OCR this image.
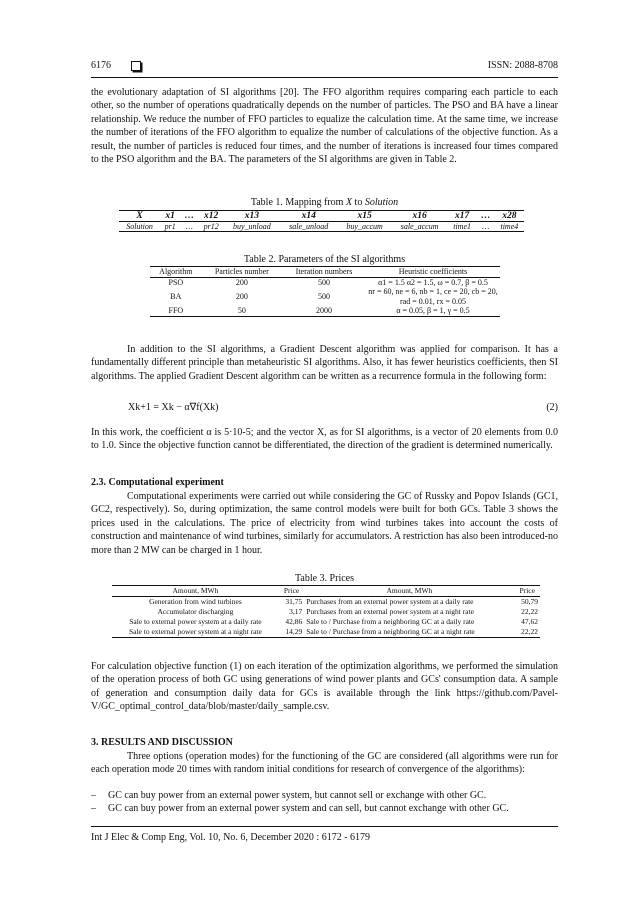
6176	ISSN: 2088-8708
the evolutionary adaptation of SI algorithms [20]. The FFO algorithm requires comparing each particle to each other, so the number of operations quadratically depends on the number of particles. The PSO and BA have a linear relationship. We reduce the number of FFO particles to equalize the calculation time. At the same time, we increase the number of iterations of the FFO algorithm to equalize the number of calculations of the objective function. As a result, the number of particles is reduced four times, and the number of iterations is increased four times compared to the PSO algorithm and the BA. The parameters of the SI algorithms are given in Table 2.
Table 1. Mapping from X to Solution
X	x1	…	x12	x13	x14	x15	x16	x17	…	x28
Solution	pr1	…	pr12	buy_unload	sale_unload	buy_accum	sale_accum	time1	…	time4
Table 2. Parameters of the SI algorithms
Algorithm	Particles number	Iteration numbers	Heuristic coefficients
PSO	200	500	α1 = 1.5 α2 = 1.5, ω = 0.7, β = 0.5
BA	200	500	nr = 60, ne = 6, nb = 1, ce = 20, cb = 20, rad = 0.01, rx = 0.05
FFO	50	2000	α = 0.05, β = 1, γ = 0.5
In addition to the SI algorithms, a Gradient Descent algorithm was applied for comparison. It has a fundamentally different principle than metaheuristic SI algorithms. Also, it has fewer heuristics coefficients, then SI algorithms. The applied Gradient Descent algorithm can be written as a recurrence formula in the following form:
Xk+1 = Xk − α∇f(Xk)	(2)
In this work, the coefficient α is 5·10-5; and the vector X, as for SI algorithms, is a vector of 20 elements from 0.0 to 1.0. Since the objective function cannot be differentiated, the direction of the gradient is determined numerically.
2.3. Computational experiment
Computational experiments were carried out while considering the GC of Russky and Popov Islands (GC1, GC2, respectively). So, during optimization, the same control models were built for both GCs. Table 3 shows the prices used in the calculations. The price of electricity from wind turbines takes into account the costs of construction and maintenance of wind turbines, similarly for accumulators. A restriction has also been introduced-no more than 2 MW can be charged in 1 hour.
Table 3. Prices
Amount, MWh	Price	Amount, MWh	Price
Generation from wind turbines	31,75	Purchases from an external power system at a daily rate	50,79
Accumulator discharging	3,17	Purchases from an external power system at a night rate	22,22
Sale to external power system at a daily rate	42,86	Sale to / Purchase from a neighboring GC at a daily rate	47,62
Sale to external power system at a night rate	14,29	Sale to / Purchase from a neighboring GC at a night rate	22,22
For calculation objective function (1) on each iteration of the optimization algorithms, we performed the simulation of the operation process of both GC using generations of wind power plants and GCs' consumption data. A sample of generation and consumption daily data for GCs is available through the link https://github.com/Pavel-V/GC_optimal_control_data/blob/master/daily_sample.csv.
3. RESULTS AND DISCUSSION
Three options (operation modes) for the functioning of the GC are considered (all algorithms were run for each operation mode 20 times with random initial conditions for research of convergence of the algorithms):
–	GC can buy power from an external power system, but cannot sell or exchange with other GC.
–	GC can buy power from an external power system and can sell, but cannot exchange with other GC.
Int J Elec & Comp Eng, Vol. 10, No. 6, December 2020 : 6172 - 6179
